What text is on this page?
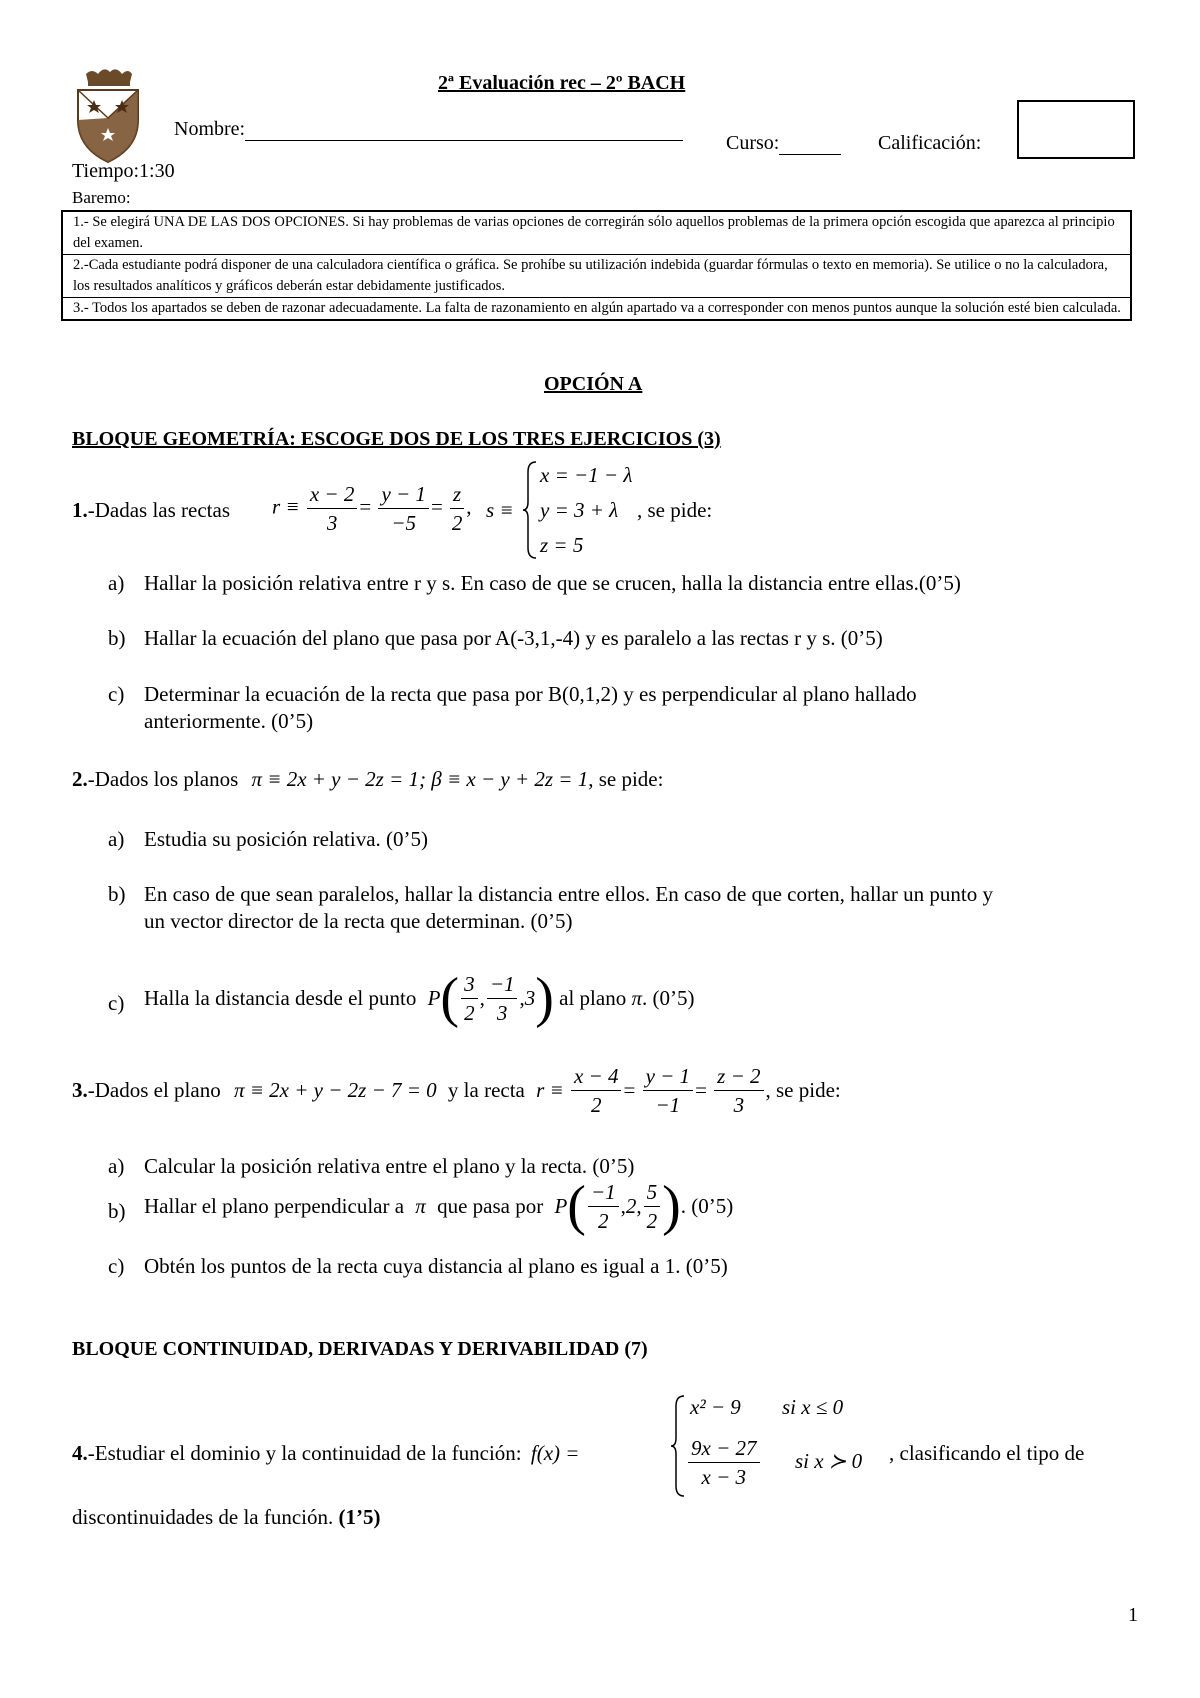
2ª Evaluación rec – 2º BACH
Nombre:
Curso:	Calificación:
Tiempo:1:30
Baremo:
1.- Se elegirá UNA DE LAS DOS OPCIONES. Si hay problemas de varias opciones de corregirán sólo aquellos problemas de la primera opción escogida que aparezca al principio del examen.
2.-Cada estudiante podrá disponer de una calculadora científica o gráfica. Se prohíbe su utilización indebida (guardar fórmulas o texto en memoria). Se utilice o no la calculadora, los resultados analíticos y gráficos deberán estar debidamente justificados.
3.- Todos los apartados se deben de razonar adecuadamente. La falta de razonamiento en algún apartado va a corresponder con menos puntos aunque la solución esté bien calculada.
OPCIÓN A
BLOQUE GEOMETRÍA: ESCOGE DOS DE LOS TRES EJERCICIOS (3)
1.-Dadas las rectas	$r \equiv \frac{x - 2}{3} = \frac{y - 1}{-5} = \frac{z}{2}$ , s ≡
x = −1 − λ
y = 3 + λ
z = 5
, se pide:
a) Hallar la posición relativa entre r y s. En caso de que se crucen, halla la distancia entre ellas.(0’5)
b) Hallar la ecuación del plano que pasa por A(-3,1,-4) y es paralelo a las rectas r y s. (0’5)
c) Determinar la ecuación de la recta que pasa por B(0,1,2) y es perpendicular al plano hallado
anteriormente. (0’5)
2.-Dados los planos π ≡ 2x + y − 2z = 1; β ≡ x − y + 2z = 1, se pide:
a) Estudia su posición relativa. (0’5)
b) En caso de que sean paralelos, hallar la distancia entre ellos. En caso de que corten, hallar un punto y
un vector director de la recta que determinan. (0’5)
c) Halla la distancia desde el punto $P( \frac{3}{2}$ , $\frac{-1}{3} ,3$) al plano π. (0’5)
3.-Dados el plano π ≡ 2x + y − 2z − 7 = 0 y la recta $r \equiv \frac{x - 4}{2} = \frac{y - 1}{-1} = \frac{z - 2}{3}$ , se pide:
a) Calcular la posición relativa entre el plano y la recta. (0’5)
b) Hallar el plano perpendicular a π que pasa por $P( \frac{-1}{2} ,2$, $\frac{5}{2}$ ). (0’5)
c) Obtén los puntos de la recta cuya distancia al plano es igual a 1. (0’5)
BLOQUE CONTINUIDAD, DERIVADAS Y DERIVABILIDAD (7)
4.-Estudiar el dominio y la continuidad de la función: f(x) =
x² − 9 si x ≤ 0
$\frac{9x - 27}{x - 3}$ si x ≻ 0 , clasificando el tipo de
discontinuidades de la función. (1’5)
1
